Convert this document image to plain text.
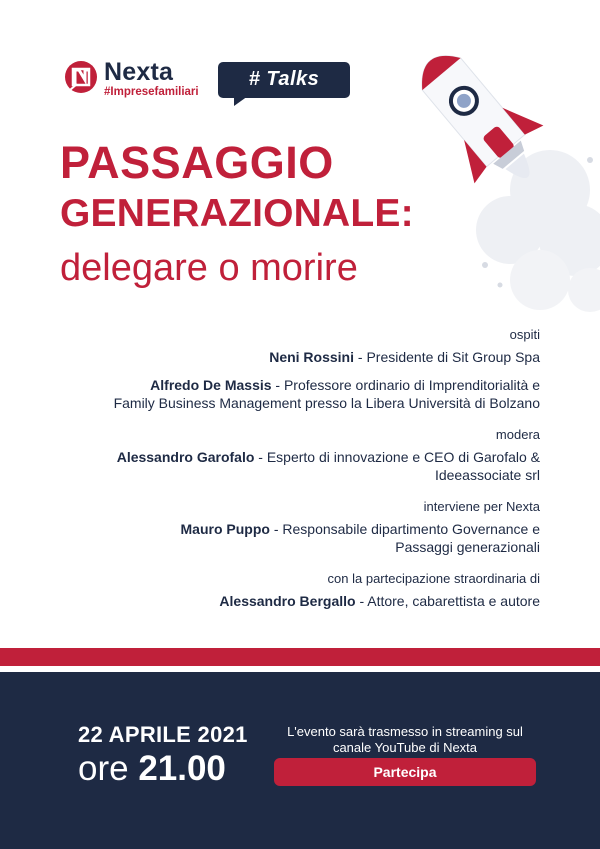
Nexta
#Impresefamiliari
# Talks
PASSAGGIO
GENERAZIONALE:
delegare o morire
ospiti
Neni Rossini - Presidente di Sit Group Spa
Alfredo De Massis - Professore ordinario di Imprenditorialità e
Family Business Management presso la Libera Università di Bolzano
modera
Alessandro Garofalo - Esperto di innovazione e CEO di Garofalo &
Ideeassociate srl
interviene per Nexta
Mauro Puppo - Responsabile dipartimento Governance e
Passaggi generazionali
con la partecipazione straordinaria di
Alessandro Bergallo - Attore, cabarettista e autore
22 APRILE 2021
ore 21.00
L'evento sarà trasmesso in streaming sul
canale YouTube di Nexta
Partecipa
